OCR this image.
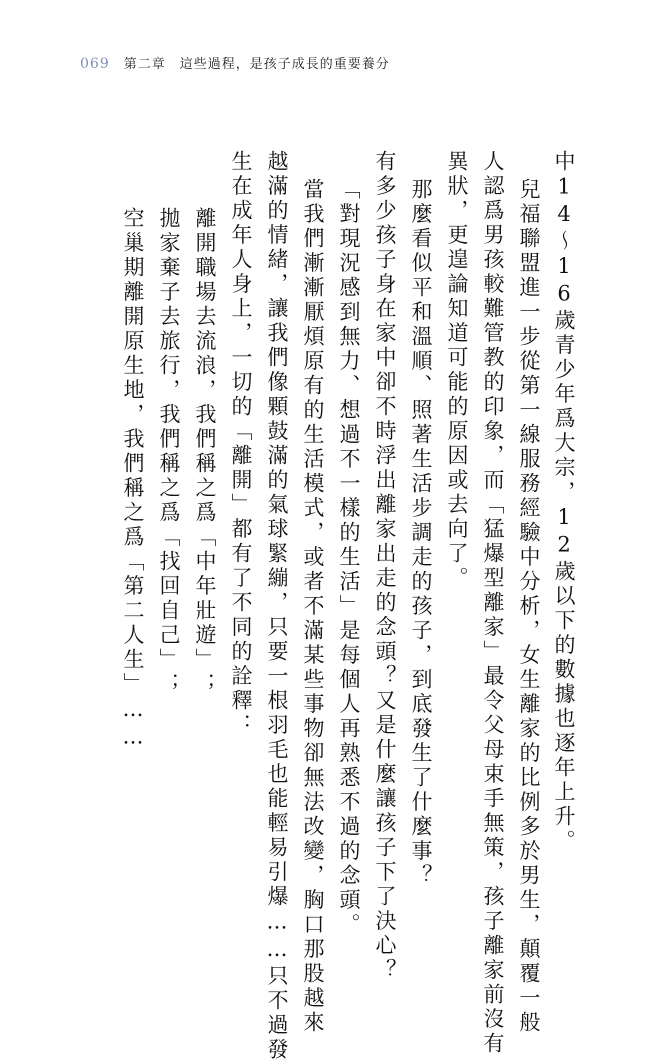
069 第二章 這些過程，是孩子成長的重要養分
中14～16歲青少年爲大宗，12歲以下的數據也逐年上升。
兒福聯盟進一步從第一線服務經驗中分析，女生離家的比例多於男生，顛覆一般
人認爲男孩較難管教的印象，而「猛爆型離家」最令父母束手無策，孩子離家前沒有
異狀，更遑論知道可能的原因或去向了。
那麼看似平和溫順、照著生活步調走的孩子，到底發生了什麼事？
有多少孩子身在家中卻不時浮出離家出走的念頭？又是什麼讓孩子下了決心？
「對現況感到無力、想過不一樣的生活」是每個人再熟悉不過的念頭。
當我們漸漸厭煩原有的生活模式，或者不滿某些事物卻無法改變，胸口那股越來
越滿的情緒，讓我們像顆鼓滿的氣球緊繃，只要一根羽毛也能輕易引爆……只不過發
生在成年人身上，一切的「離開」都有了不同的詮釋：
離開職場去流浪，我們稱之爲「中年壯遊」；
拋家棄子去旅行，我們稱之爲「找回自己」；
空巢期離開原生地，我們稱之爲「第二人生」……
